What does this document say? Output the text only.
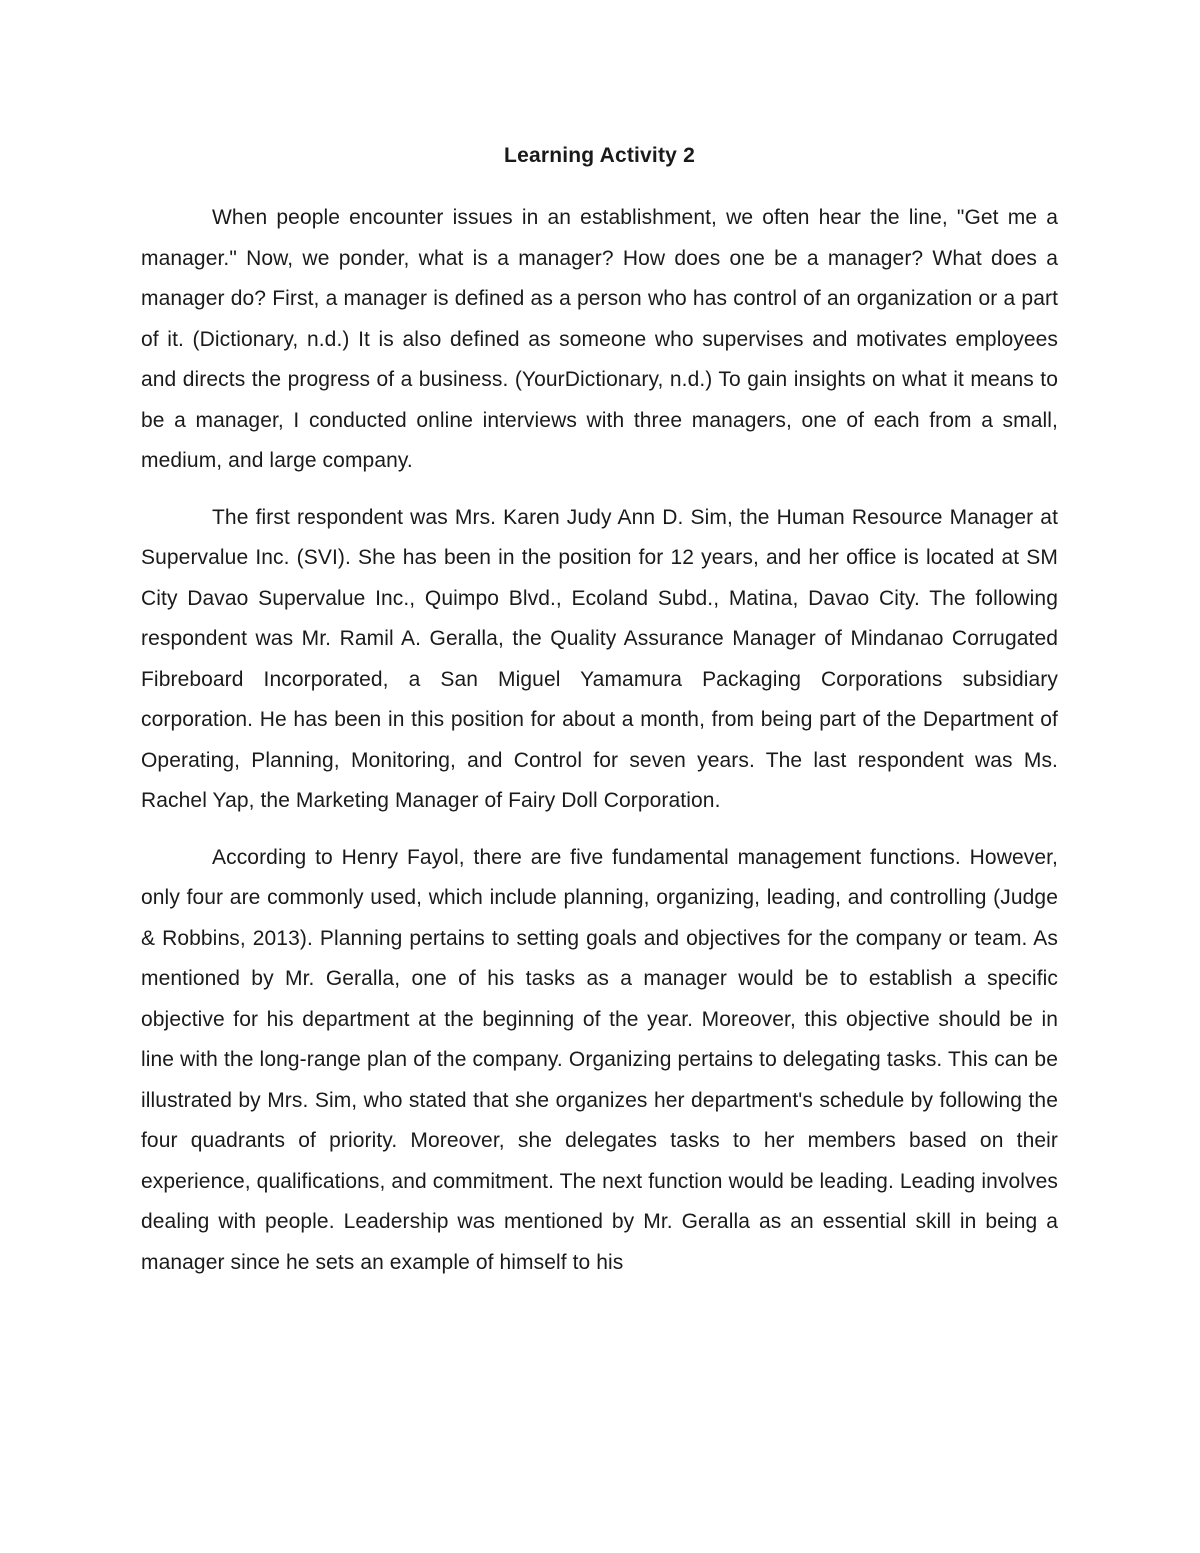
Learning Activity 2

When people encounter issues in an establishment, we often hear the line, "Get me a manager." Now, we ponder, what is a manager? How does one be a manager? What does a manager do? First, a manager is defined as a person who has control of an organization or a part of it. (Dictionary, n.d.) It is also defined as someone who supervises and motivates employees and directs the progress of a business. (YourDictionary, n.d.) To gain insights on what it means to be a manager, I conducted online interviews with three managers, one of each from a small, medium, and large company.

The first respondent was Mrs. Karen Judy Ann D. Sim, the Human Resource Manager at Supervalue Inc. (SVI). She has been in the position for 12 years, and her office is located at SM City Davao Supervalue Inc., Quimpo Blvd., Ecoland Subd., Matina, Davao City. The following respondent was Mr. Ramil A. Geralla, the Quality Assurance Manager of Mindanao Corrugated Fibreboard Incorporated, a San Miguel Yamamura Packaging Corporations subsidiary corporation. He has been in this position for about a month, from being part of the Department of Operating, Planning, Monitoring, and Control for seven years. The last respondent was Ms. Rachel Yap, the Marketing Manager of Fairy Doll Corporation.

According to Henry Fayol, there are five fundamental management functions. However, only four are commonly used, which include planning, organizing, leading, and controlling (Judge & Robbins, 2013). Planning pertains to setting goals and objectives for the company or team. As mentioned by Mr. Geralla, one of his tasks as a manager would be to establish a specific objective for his department at the beginning of the year. Moreover, this objective should be in line with the long-range plan of the company. Organizing pertains to delegating tasks. This can be illustrated by Mrs. Sim, who stated that she organizes her department's schedule by following the four quadrants of priority. Moreover, she delegates tasks to her members based on their experience, qualifications, and commitment. The next function would be leading. Leading involves dealing with people. Leadership was mentioned by Mr. Geralla as an essential skill in being a manager since he sets an example of himself to his
